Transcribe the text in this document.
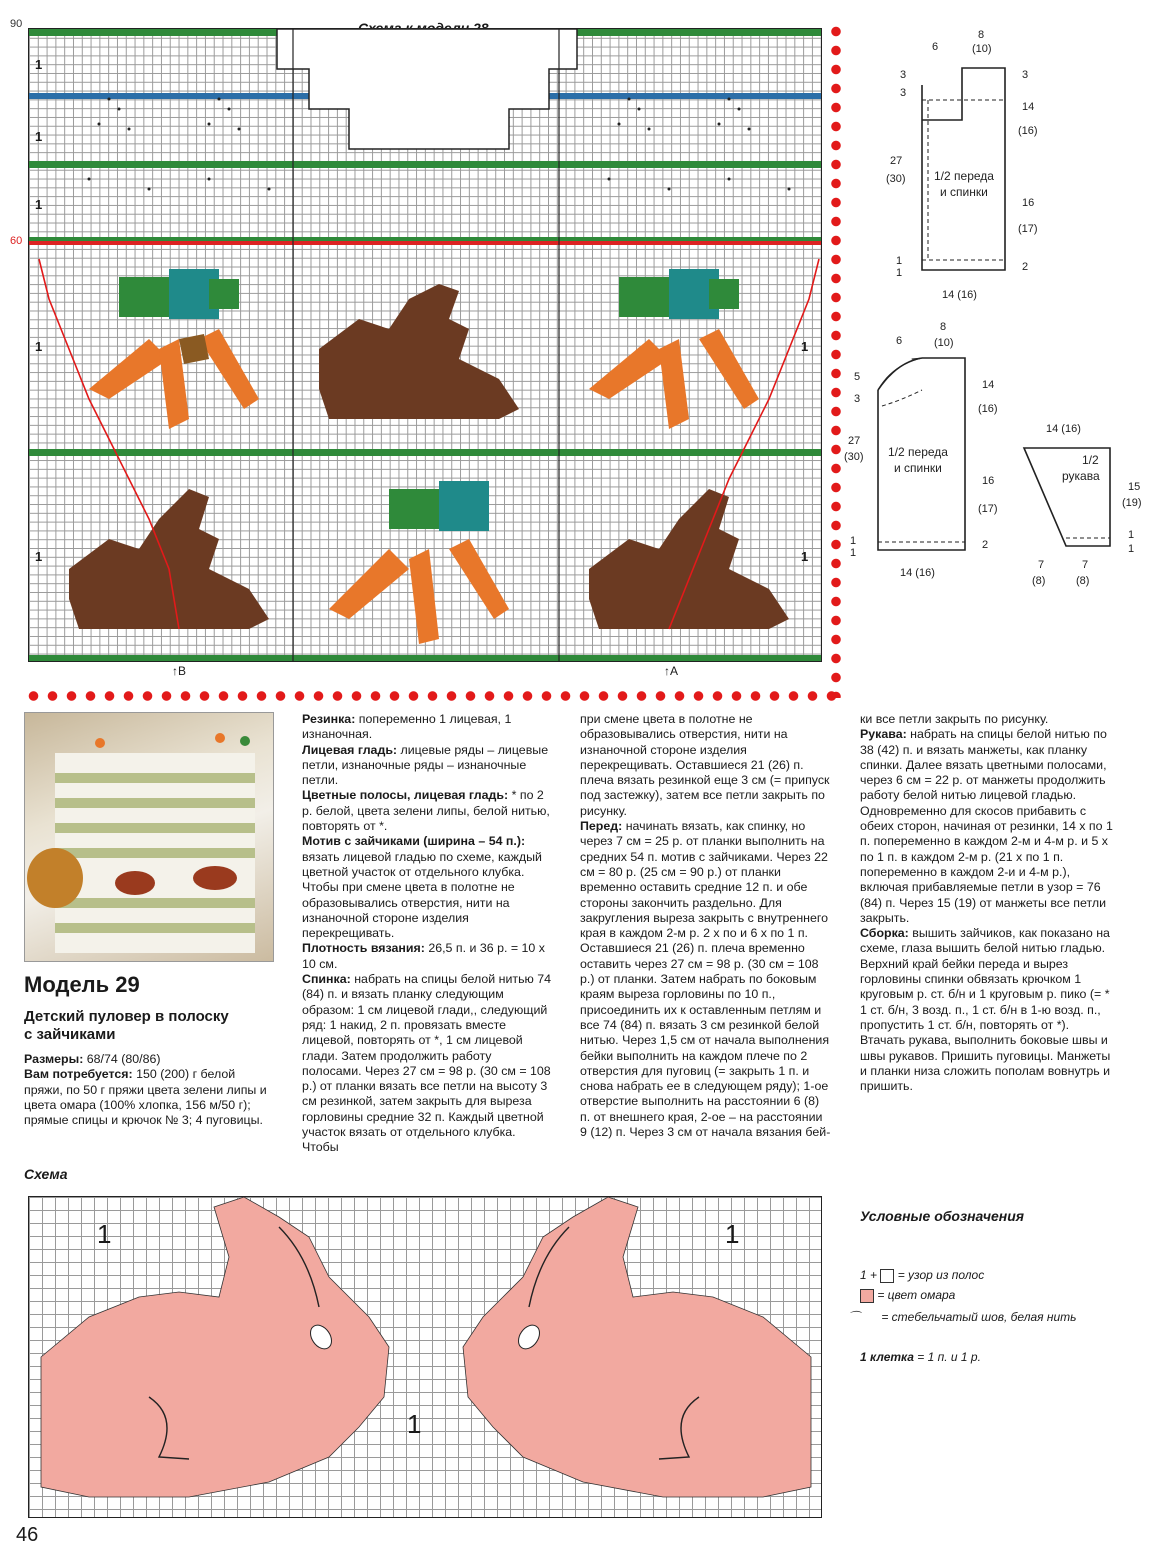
90
60
1
1
1
1
1
1
1
↑B	↑A
6
8
(10)
3
3
3
14
(16)
27
(30) 1/2 переда
и спинки
16
(17)
1
1	2
14 (16)
6
8
(10)
5
3
14
(16)
27
(30) 1/2 переда
и спинки
16
(17)
1
1
2
14 (16)
14 (16)
1/2
рукава
15
(19)
1
1
7
(8)
7
(8)
Модель 29
Детский пуловер в полоску
с зайчиками
Размеры: 68/74 (80/86)
Вам потребуется: 150 (200) г белой пряжи, по 50 г пряжи цвета зелени липы и цвета омара (100% хлопка, 156 м/50 г); прямые спицы и крючок № 3; 4 пуговицы.
Резинка: попеременно 1 лицевая, 1 изнаночная.
Лицевая гладь: лицевые ряды – лицевые петли, изнаночные ряды – изнаночные петли.
Цветные полосы, лицевая гладь: * по 2 р. белой, цвета зелени липы, белой нитью, повторять от *.
Мотив с зайчиками (ширина – 54 п.): вязать лицевой гладью по схеме, каждый цветной участок от отдельного клубка. Чтобы при смене цвета в полотне не образовывались отверстия, нити на изнаночной стороне изделия перекрещивать.
Плотность вязания: 26,5 п. и 36 р. = 10 х 10 см.
Спинка: набрать на спицы белой нитью 74 (84) п. и вязать планку следующим образом: 1 см лицевой глади,, следующий ряд: 1 накид, 2 п. провязать вместе лицевой, повторять от *, 1 см лицевой глади. Затем продолжить работу полосами. Через 27 см = 98 р. (30 см = 108 р.) от планки вязать все петли на высоту 3 см резинкой, затем закрыть для выреза горловины средние 32 п. Каждый цветной участок вязать от отдельного клубка. Чтобы
при смене цвета в полотне не образовывались отверстия, нити на изнаночной стороне изделия перекрещивать. Оставшиеся 21 (26) п. плеча вязать резинкой еще 3 см (= припуск под застежку), затем все петли закрыть по рисунку.
Перед: начинать вязать, как спинку, но через 7 см = 25 р. от планки выполнить на средних 54 п. мотив с зайчиками. Через 22 см = 80 р. (25 см = 90 р.) от планки временно оставить средние 12 п. и обе стороны закончить раздельно. Для закругления выреза закрыть с внутреннего края в каждом 2-м р. 2 х по и 6 х по 1 п. Оставшиеся 21 (26) п. плеча временно оставить через 27 см = 98 р. (30 см = 108 р.) от планки. Затем набрать по боковым краям выреза горловины по 10 п., присоединить их к оставленным петлям и все 74 (84) п. вязать 3 см резинкой белой нитью. Через 1,5 см от начала выполнения бейки выполнить на каждом плече по 2 отверстия для пуговиц (= закрыть 1 п. и снова набрать ее в следующем ряду); 1-ое отверстие выполнить на расстоянии 6 (8) п. от внешнего края, 2-ое – на расстоянии 9 (12) п. Через 3 см от начала вязания бей-
ки все петли закрыть по рисунку.
Рукава: набрать на спицы белой нитью по 38 (42) п. и вязать манжеты, как планку спинки. Далее вязать цветными полосами, через 6 см = 22 р. от манжеты продолжить работу белой нитью лицевой гладью. Одновременно для скосов прибавить с обеих сторон, начиная от резинки, 14 х по 1 п. попеременно в каждом 2-м и 4-м р. и 5 х по 1 п. в каждом 2-м р. (21 х по 1 п. попеременно в каждом 2-и и 4-м р.), включая прибавляемые петли в узор = 76 (84) п. Через 15 (19) от манжеты все петли закрыть.
Сборка: вышить зайчиков, как показано на схеме, глаза вышить белой нитью гладью. Верхний край бейки переда и вырез горловины спинки обвязать крючком 1 круговым р. ст. б/н и 1 круговым р. пико (= * 1 ст. б/н, 3 возд. п., 1 ст. б/н в 1-ю возд. п., пропустить 1 ст. б/н, повторять от *). Втачать рукава, выполнить боковые швы и швы рукавов. Пришить пуговицы. Манжеты и планки низа сложить пополам вовнутрь и пришить.
Схема
1	1
1
Условные обозначения
1 + = узор из полос
= цвет омара
⌒ = стебельчатый шов, белая нить
1 клетка = 1 п. и 1 р.
46
